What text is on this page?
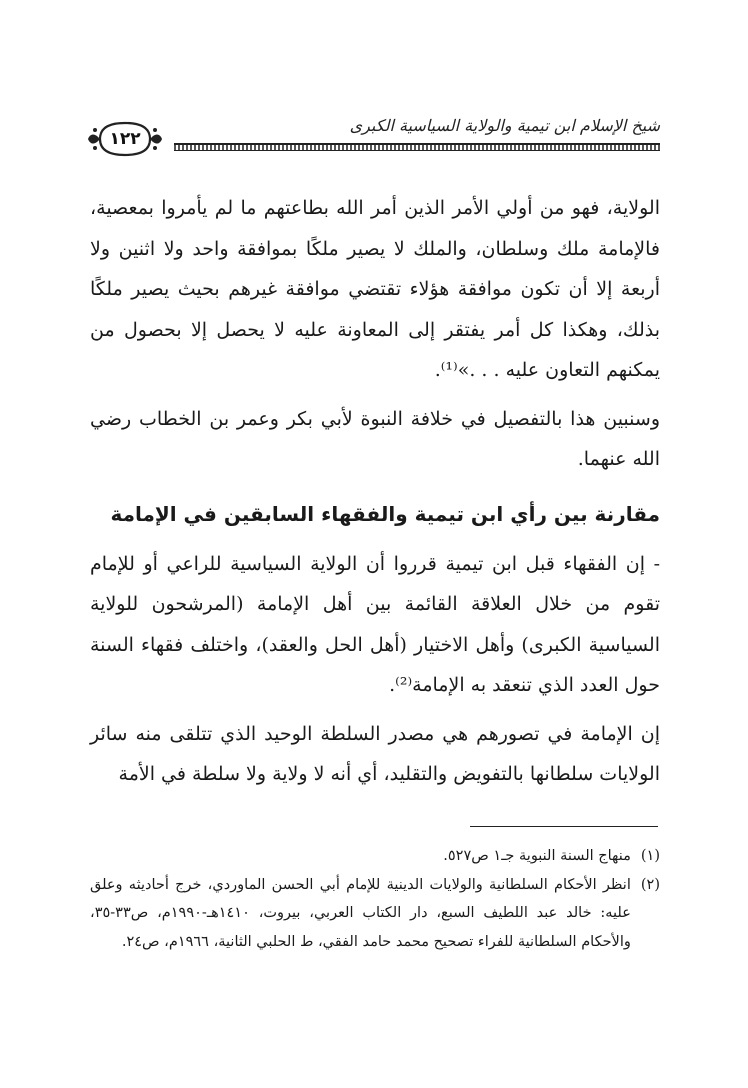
شيخ الإسلام ابن تيمية والولاية السياسية الكبرى
١٢٢

الولاية، فهو من أولي الأمر الذين أمر الله بطاعتهم ما لم يأمروا بمعصية، فالإمامة ملك وسلطان، والملك لا يصير ملكًا بموافقة واحد ولا اثنين ولا أربعة إلا أن تكون موافقة هؤلاء تقتضي موافقة غيرهم بحيث يصير ملكًا بذلك، وهكذا كل أمر يفتقر إلى المعاونة عليه لا يحصل إلا بحصول من يمكنهم التعاون عليه . . .»⁽¹⁾.

وسنبين هذا بالتفصيل في خلافة النبوة لأبي بكر وعمر بن الخطاب رضي الله عنهما.

مقارنة بين رأي ابن تيمية والفقهاء السابقين في الإمامة

- إن الفقهاء قبل ابن تيمية قرروا أن الولاية السياسية للراعي أو للإمام تقوم من خلال العلاقة القائمة بين أهل الإمامة (المرشحون للولاية السياسية الكبرى) وأهل الاختيار (أهل الحل والعقد)، واختلف فقهاء السنة حول العدد الذي تنعقد به الإمامة⁽²⁾.

إن الإمامة في تصورهم هي مصدر السلطة الوحيد الذي تتلقى منه سائر الولايات سلطانها بالتفويض والتقليد، أي أنه لا ولاية ولا سلطة في الأمة

(١)
منهاج السنة النبوية جـ١ ص٥٢٧.
(٢)
انظر الأحكام السلطانية والولايات الدينية للإمام أبي الحسن الماوردي، خرج أحاديثه وعلق عليه: خالد عبد اللطيف السبع، دار الكتاب العربي، بيروت، ١٤١٠هـ-١٩٩٠م، ص٣٣-٣٥، والأحكام السلطانية للفراء تصحيح محمد حامد الفقي، ط الحلبي الثانية، ١٩٦٦م، ص٢٤.
